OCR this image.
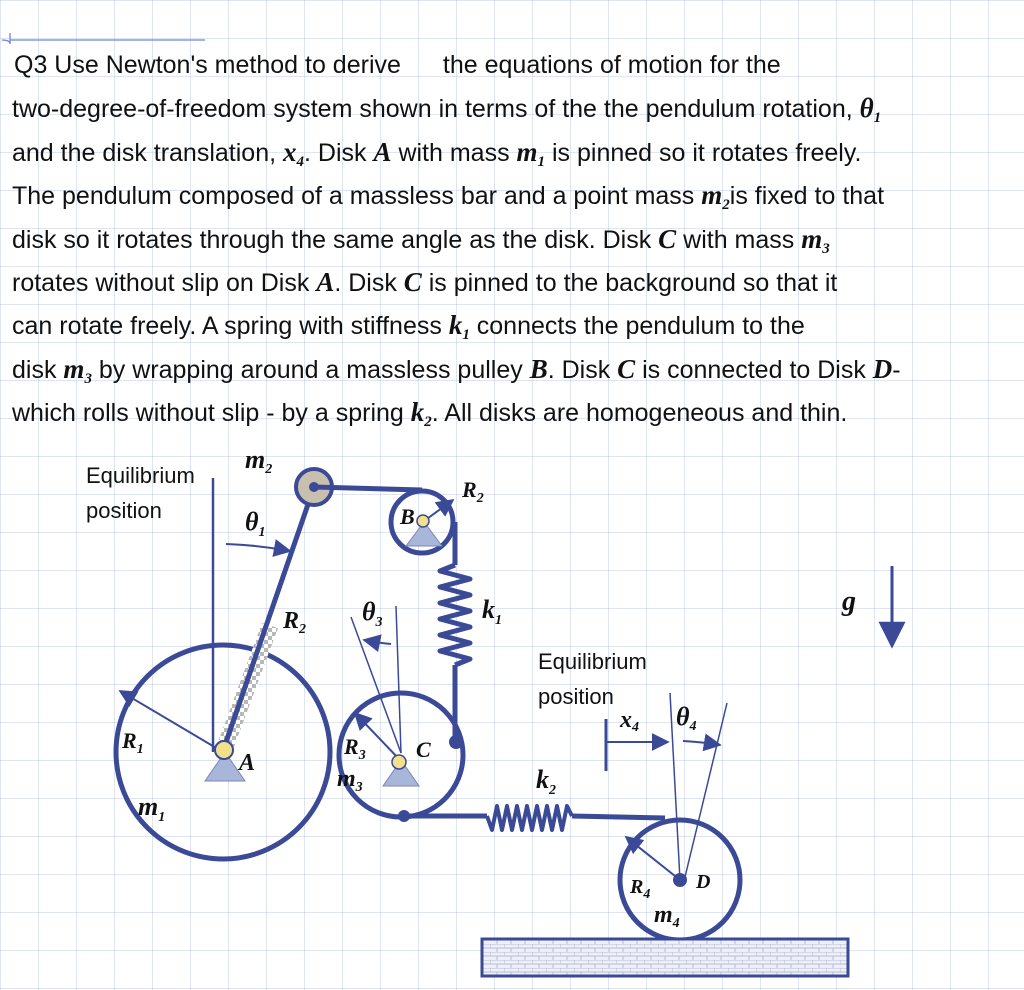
Q3 Use Newton's method to derive the equations of motion for the
two-degree-of-freedom system shown in terms of the the pendulum rotation, $\theta_1$
and the disk translation, $x_4$. Disk A with mass $m_1$ is pinned so it rotates freely.
The pendulum composed of a massless bar and a point mass $m_2is$ fixed to that
disk so it rotates through the same angle as the disk. Disk C with mass $m_3$
rotates without slip on Disk A. Disk C is pinned to the background so that it
can rotate freely. A spring with stiffness $k_1$ connects the pendulum to the
disk $m_3$ by wrapping around a massless pulley B. Disk C is connected to Disk D-
which rolls without slip - by a spring $k_2$. All disks are homogeneous and thin.
Equilibrium
position
Equilibrium
position
m2
$\theta_1$
$R_2$
B
$R_2$
$\theta_3$	$k_1$
g
x4 θ4
$R_1$
A
$R_3$ C
$m_3$	$k_2$
$m_1$
$R_4$
D
$m_4$
